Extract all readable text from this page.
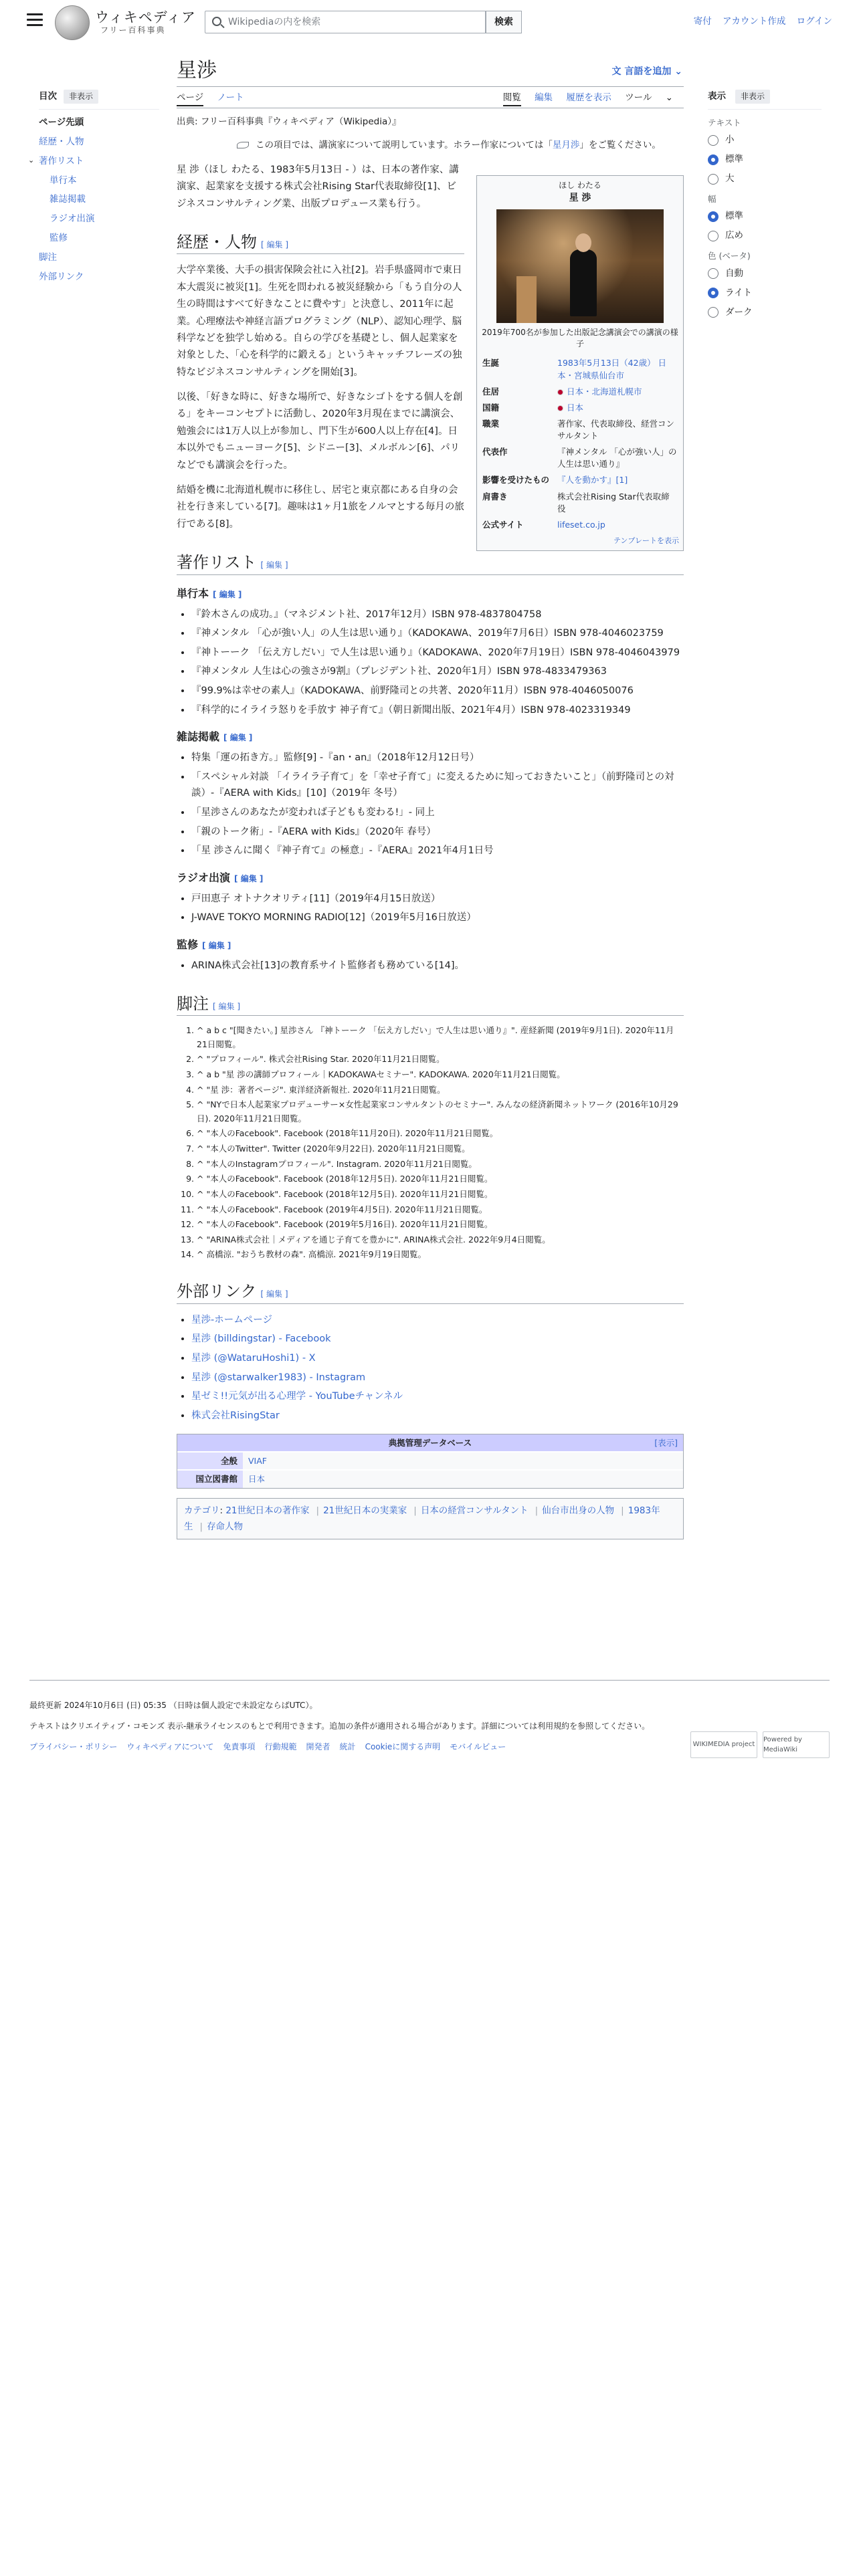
ウィキペディア
フリー百科事典
Wikipediaの内を検索	検索	寄付 アカウント作成 ログイン
目次	非表示
ページ先頭
経歴・人物
⌄ 著作リスト
単行本
雑誌掲載
ラジオ出演
監修
脚注
外部リンク
星渉	文 言語を追加 ⌄
ページ ノート	閲覧 編集 履歴を表示 ツール ⌄
出典: フリー百科事典『ウィキペディア（Wikipedia）』
この項目では、講演家について説明しています。ホラー作家については「星月渉」をご覧ください。

星 渉（ほし わたる、1983年5月13日 - ）は、日本の著作家、講演家、起業家を支援する株式会社Rising Star代表取締役[1]、ビジネスコンサルティング業、出版プロデュース業も行う。

経歴・人物 [ 編集 ]

大学卒業後、大手の損害保険会社に入社[2]。岩手県盛岡市で東日本大震災に被災[1]。生死を問われる被災経験から「もう自分の人生の時間はすべて好きなことに費やす」と決意し、2011年に起業。心理療法や神経言語プログラミング（NLP）、認知心理学、脳科学などを独学し始める。自らの学びを基礎とし、個人起業家を対象とした、「心を科学的に鍛える」というキャッチフレーズの独特なビジネスコンサルティングを開始[3]。

以後、「好きな時に、好きな場所で、好きなシゴトをする個人を創る」をキーコンセプトに活動し、2020年3月現在までに講演会、勉強会には1万人以上が参加し、門下生が600人以上存在[4]。日本以外でもニューヨーク[5]、シドニー[3]、メルボルン[6]、パリなどでも講演会を行った。

結婚を機に北海道札幌市に移住し、居宅と東京都にある自身の会社を行き来している[7]。趣味は1ヶ月1旅をノルマとする毎月の旅行である[8]。

ほし わたる
星 渉
2019年700名が参加した出版記念講演会での講演の様子
生誕	1983年5月13日（42歳） 日本・宮城県仙台市
住居	日本・北海道札幌市
国籍	日本
職業	著作家、代表取締役、経営コンサルタント
代表作	『神メンタル 「心が強い人」の人生は思い通り』
影響を受けたもの	『人を動かす』[1]
肩書き	株式会社Rising Star代表取締役
公式サイト	lifeset.co.jp
テンプレートを表示
著作リスト [ 編集 ]
単行本 [ 編集 ]
• 『鈴木さんの成功。』（マネジメント社、2017年12月）ISBN 978-4837804758
• 『神メンタル 「心が強い人」の人生は思い通り』（KADOKAWA、2019年7月6日）ISBN 978-4046023759
• 『神トーーク 「伝え方しだい」で人生は思い通り』（KADOKAWA、2020年7月19日）ISBN 978-4046043979
• 『神メンタル 人生は心の強さが9割』（プレジデント社、2020年1月）ISBN 978-4833479363
• 『99.9%は幸せの素人』（KADOKAWA、前野隆司との共著、2020年11月）ISBN 978-4046050076
• 『科学的にイライラ怒りを手放す 神子育て』（朝日新聞出版、2021年4月）ISBN 978-4023319349
雑誌掲載 [ 編集 ]
• 特集「運の拓き方。」監修[9] -『an・an』（2018年12月12日号）
• 「スペシャル対談 「イライラ子育て」を「幸せ子育て」に変えるために知っておきたいこと」（前野隆司との対談）-『AERA with Kids』[10]（2019年 冬号）
• 「星渉さんのあなたが変われば子どもも変わる!」- 同上
• 「親のトーク術」-『AERA with Kids』（2020年 春号）
• 「星 渉さんに聞く『神子育て』の極意」-『AERA』2021年4月1日号
ラジオ出演 [ 編集 ]
• 戸田恵子 オトナクオリティ[11]（2019年4月15日放送）
• J-WAVE TOKYO MORNING RADIO[12]（2019年5月16日放送）
監修 [ 編集 ]
• ARINA株式会社[13]の教育系サイト監修者も務めている[14]。
脚注 [ 編集 ]
1. ^ a b c "[聞きたい。] 星渉さん 『神トーーク 「伝え方しだい」で人生は思い通り』". 産経新聞 (2019年9月1日). 2020年11月21日閲覧。
2. ^ "プロフィール". 株式会社Rising Star. 2020年11月21日閲覧。
3. ^ a b "星 渉の講師プロフィール｜KADOKAWAセミナー". KADOKAWA. 2020年11月21日閲覧。
4. ^ "星 渉：著者ページ". 東洋経済新報社. 2020年11月21日閲覧。
5. ^ "NYで日本人起業家プロデューサー×女性起業家コンサルタントのセミナー". みんなの経済新聞ネットワーク (2016年10月29日). 2020年11月21日閲覧。
6. ^ "本人のFacebook". Facebook (2018年11月20日). 2020年11月21日閲覧。
7. ^ "本人のTwitter". Twitter (2020年9月22日). 2020年11月21日閲覧。
8. ^ "本人のInstagramプロフィール". Instagram. 2020年11月21日閲覧。
9. ^ "本人のFacebook". Facebook (2018年12月5日). 2020年11月21日閲覧。
10. ^ "本人のFacebook". Facebook (2018年12月5日). 2020年11月21日閲覧。
11. ^ "本人のFacebook". Facebook (2019年4月5日). 2020年11月21日閲覧。
12. ^ "本人のFacebook". Facebook (2019年5月16日). 2020年11月21日閲覧。
13. ^ "ARINA株式会社｜メディアを通じ子育てを豊かに". ARINA株式会社. 2022年9月4日閲覧。
14. ^ 高橋涼. "おうち教材の森". 高橋涼. 2021年9月19日閲覧。
外部リンク [ 編集 ]
• 星渉-ホームページ
• 星渉 (billdingstar) - Facebook
• 星渉 (@WataruHoshi1) - X
• 星渉 (@starwalker1983) - Instagram
• 星ゼミ!!元気が出る心理学 - YouTubeチャンネル
• 株式会社RisingStar
典拠管理データベース	[表示]
全般	VIAF
国立図書館	日本
カテゴリ: 21世紀日本の著作家 | 21世紀日本の実業家 | 日本の経営コンサルタント | 仙台市出身の人物 | 1983年生 | 存命人物
表示	非表示
テキスト
小
標準
大
幅
標準
広め
色 (ベータ)
自動
ライト
ダーク
最終更新 2024年10月6日 (日) 05:35 （日時は個人設定で未設定ならばUTC）。
テキストはクリエイティブ・コモンズ 表示-継承ライセンスのもとで利用できます。追加の条件が適用される場合があります。詳細については利用規約を参照してください。
プライバシー・ポリシー ウィキペディアについて 免責事項 行動規範 開発者 統計 Cookieに関する声明 モバイルビュー	WIKIMEDIA project
Powered by MediaWiki
